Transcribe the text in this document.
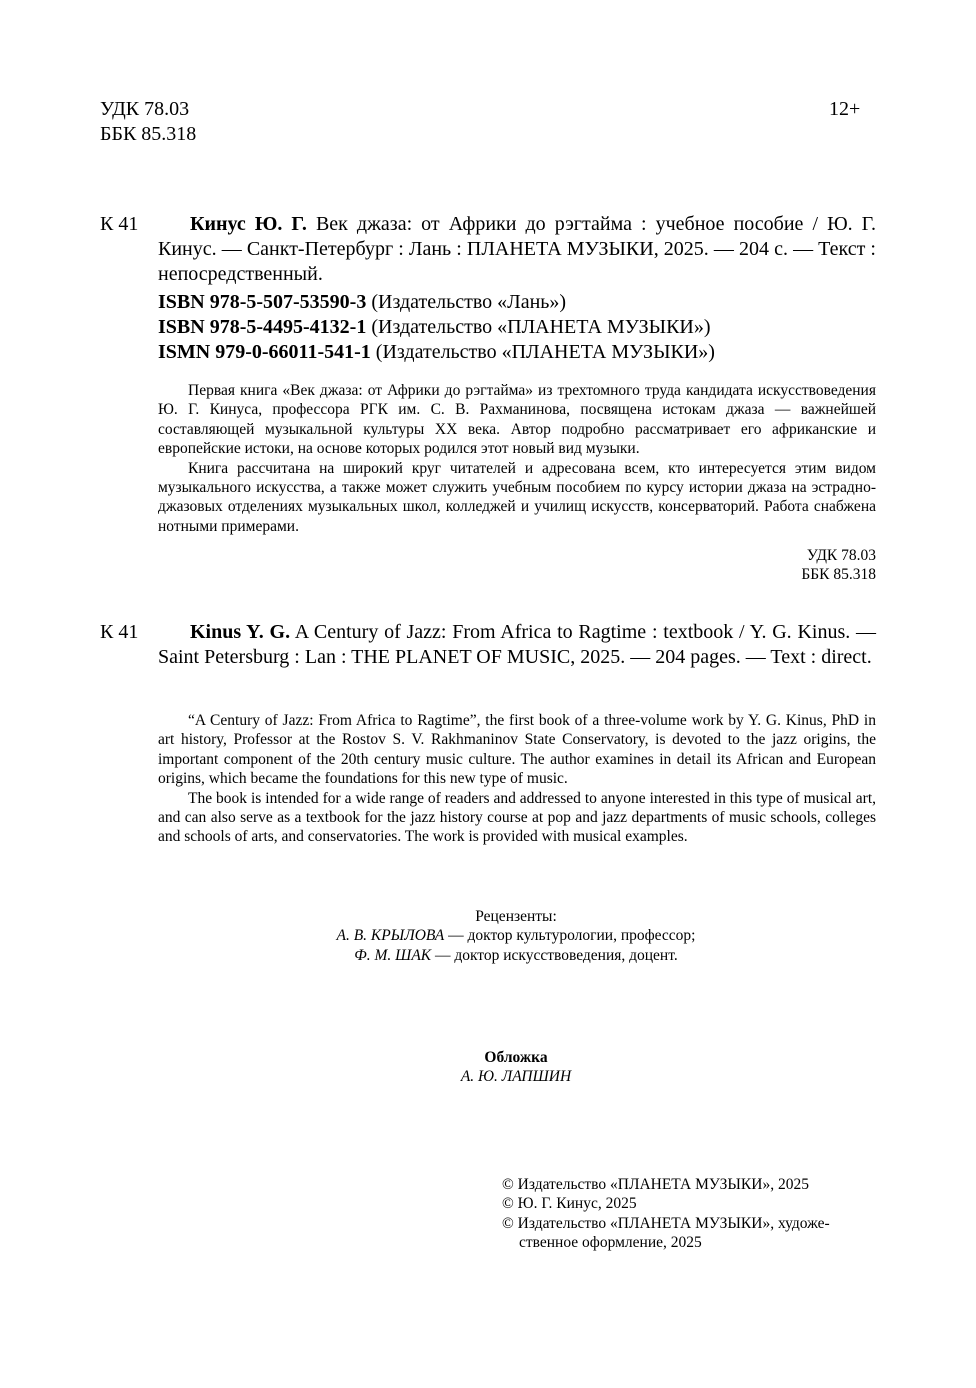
УДК 78.03
ББК 85.318
12+
К 41	Кинус Ю. Г. Век джаза: от Африки до рэгтайма : учебное пособие / Ю. Г. Кинус. — Санкт-Петербург : Лань : ПЛАНЕТА МУЗЫКИ, 2025. — 204 с. — Текст : непосредственный.

ISBN 978-5-507-53590-3 (Издательство «Лань»)
ISBN 978-5-4495-4132-1 (Издательство «ПЛАНЕТА МУЗЫКИ»)
ISMN 979-0-66011-541-1 (Издательство «ПЛАНЕТА МУЗЫКИ»)

Первая книга «Век джаза: от Африки до рэгтайма» из трехтомного труда кандидата искусствоведения Ю. Г. Кинуса, профессора РГК им. С. В. Рахманинова, посвящена истокам джаза — важнейшей составляющей музыкальной культуры XX века. Автор подробно рассматривает его африканские и европейские истоки, на основе которых родился этот новый вид музыки.

Книга рассчитана на широкий круг читателей и адресована всем, кто интересуется этим видом музыкального искусства, а также может служить учебным пособием по курсу истории джаза на эстрадно-джазовых отделениях музыкальных школ, колледжей и училищ искусств, консерваторий. Работа снабжена нотными примерами.

УДК 78.03
ББК 85.318
К 41	Kinus Y. G. A Century of Jazz: From Africa to Ragtime : textbook / Y. G. Kinus. — Saint Petersburg : Lan : THE PLANET OF MUSIC, 2025. — 204 pages. — Text : direct.

“A Century of Jazz: From Africa to Ragtime”, the first book of a three-volume work by Y. G. Kinus, PhD in art history, Professor at the Rostov S. V. Rakhmaninov State Conservatory, is devoted to the jazz origins, the important component of the 20th century music culture. The author examines in detail its African and European origins, which became the foundations for this new type of music.

The book is intended for a wide range of readers and addressed to anyone interested in this type of musical art, and can also serve as a textbook for the jazz history course at pop and jazz departments of music schools, colleges and schools of arts, and conservatories. The work is provided with musical examples.

Рецензенты:
А. В. КРЫЛОВА — доктор культурологии, профессор;
Ф. М. ШАК — доктор искусствоведения, доцент.
Обложка
А. Ю. ЛАПШИН
© Издательство «ПЛАНЕТА МУЗЫКИ», 2025
© Ю. Г. Кинус, 2025
© Издательство «ПЛАНЕТА МУЗЫКИ», художе-
ственное оформление, 2025
